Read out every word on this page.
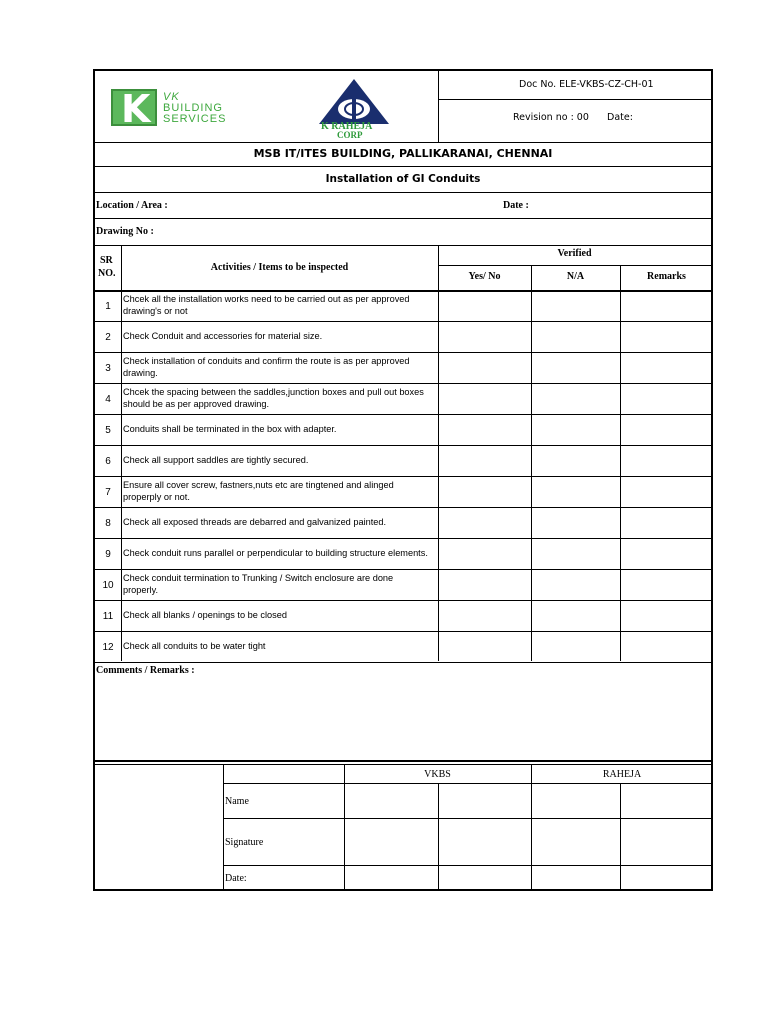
K VK
BUILDING
SERVICES
K RAHEJA
CORP
Doc No. ELE-VKBS-CZ-CH-01
Revision no : 00 Date:
MSB IT/ITES BUILDING, PALLIKARANAI, CHENNAI
Installation of GI Conduits
Location / Area :	Date :
Drawing No :
SR
NO.
Activities / Items to be inspected
Verified
Yes/ No	N/A	Remarks
1
Chcek all the installation works need to be carried out as per approved
drawing's or not
2	Check Conduit and accessories for material size.
3
Check installation of conduits and confirm the route is as per approved
drawing.
4
Chcek the spacing between the saddles,junction boxes and pull out boxes
should be as per approved drawing.
5	Conduits shall be terminated in the box with adapter.
6	Check all support saddles are tightly secured.
7
Ensure all cover screw, fastners,nuts etc are tingtened and alinged
properply or not.
8	Check all exposed threads are debarred and galvanized painted.
9	Check conduit runs parallel or perpendicular to building structure elements.
10
Check conduit termination to Trunking / Switch enclosure are done
properly.
11	Check all blanks / openings to be closed
12	Check all conduits to be water tight
Comments / Remarks :
VKBS	RAHEJA
Name
Signature
Date:
